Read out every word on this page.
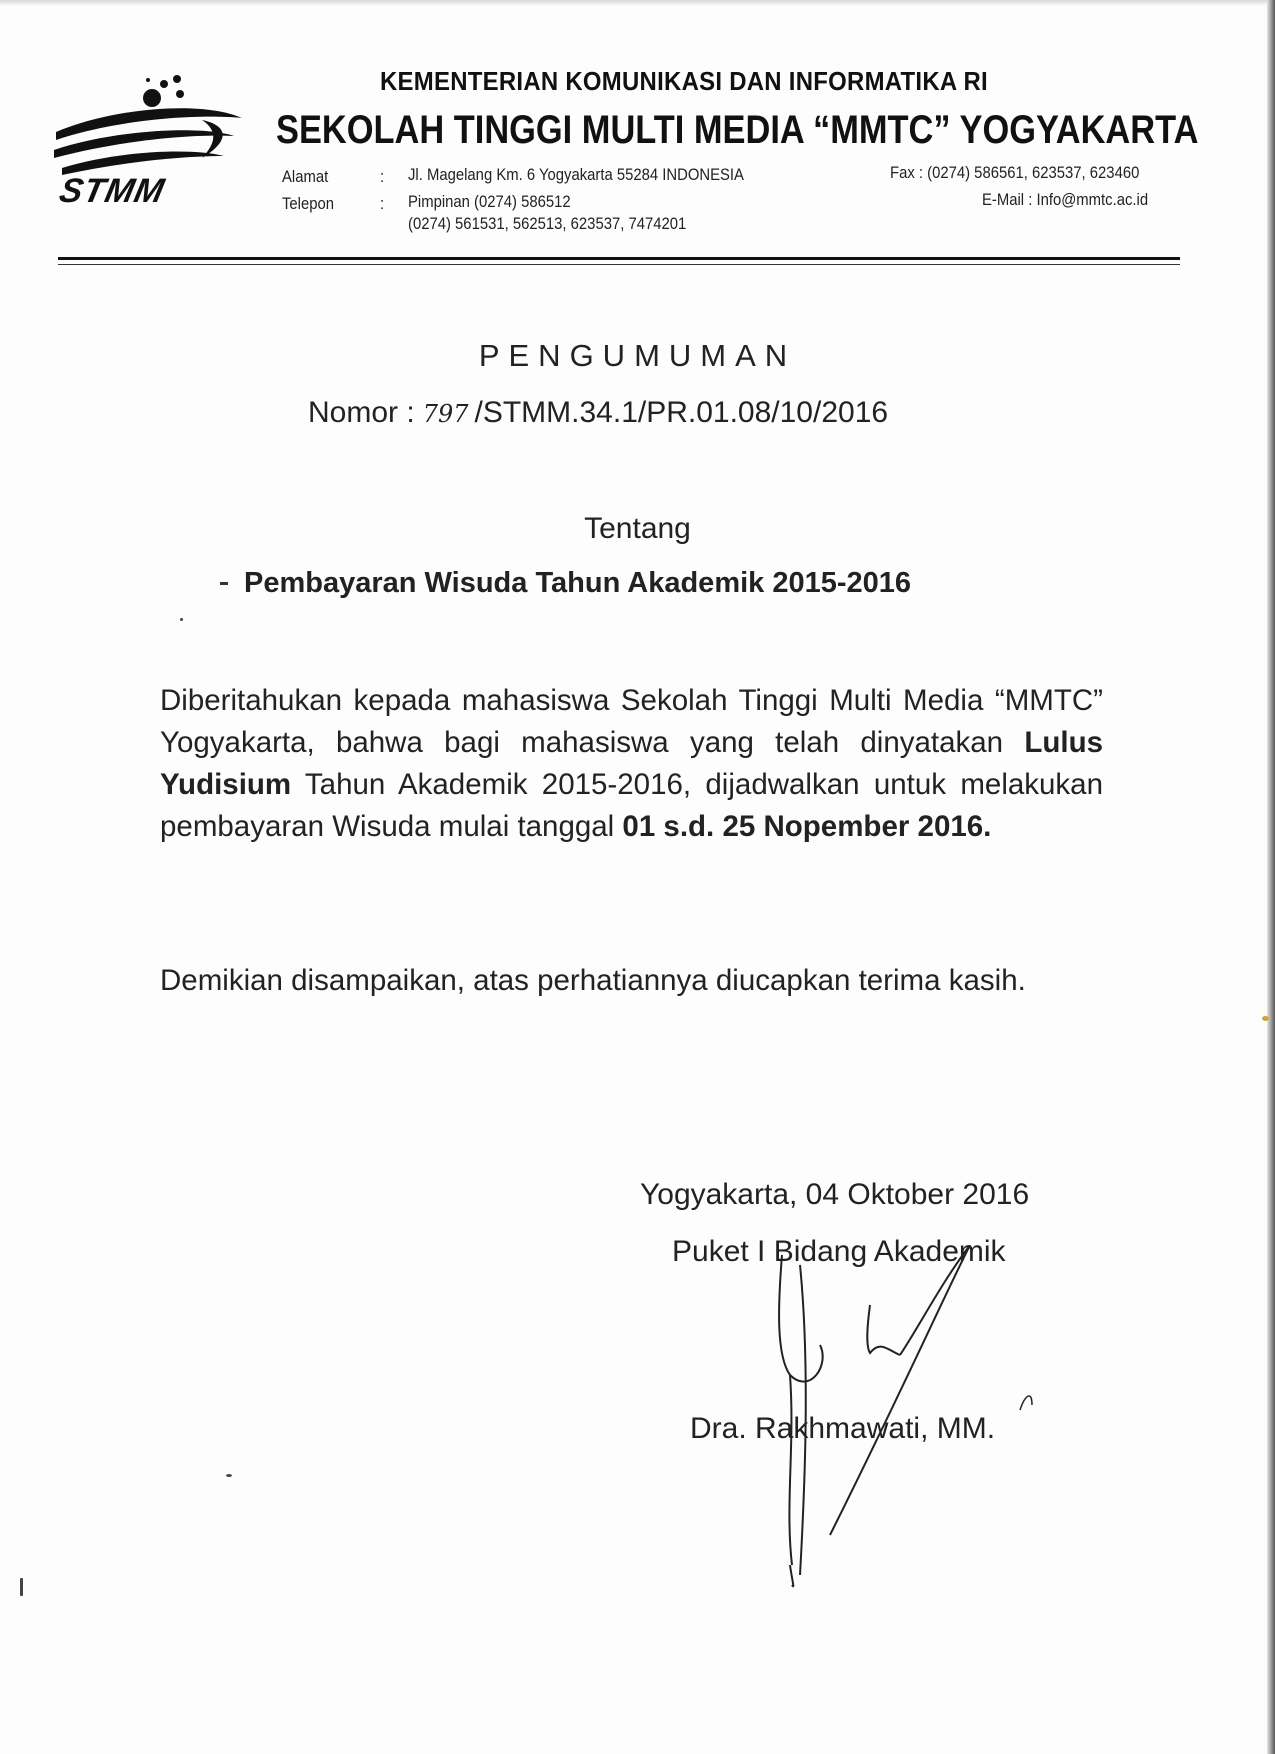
STMM
KEMENTERIAN KOMUNIKASI DAN INFORMATIKA RI
SEKOLAH TINGGI MULTI MEDIA “MMTC” YOGYAKARTA
Alamat	: Jl. Magelang Km. 6 Yogyakarta 55284 INDONESIA
Telepon	: Pimpinan (0274) 586512
(0274) 561531, 562513, 623537, 7474201
Fax : (0274) 586561, 623537, 623460
E-Mail : Info@mmtc.ac.id
PENGUMUMAN
Nomor : 797 /STMM.34.1/PR.01.08/10/2016
Tentang
Pembayaran Wisuda Tahun Akademik 2015-2016
Diberitahukan kepada mahasiswa Sekolah Tinggi Multi Media “MMTC” Yogyakarta, bahwa bagi mahasiswa yang telah dinyatakan Lulus Yudisium Tahun Akademik 2015-2016, dijadwalkan untuk melakukan pembayaran Wisuda mulai tanggal 01 s.d. 25 Nopember 2016.
Demikian disampaikan, atas perhatiannya diucapkan terima kasih.
Yogyakarta, 04 Oktober 2016
Puket I Bidang Akademik
Dra. Rakhmawati, MM.
